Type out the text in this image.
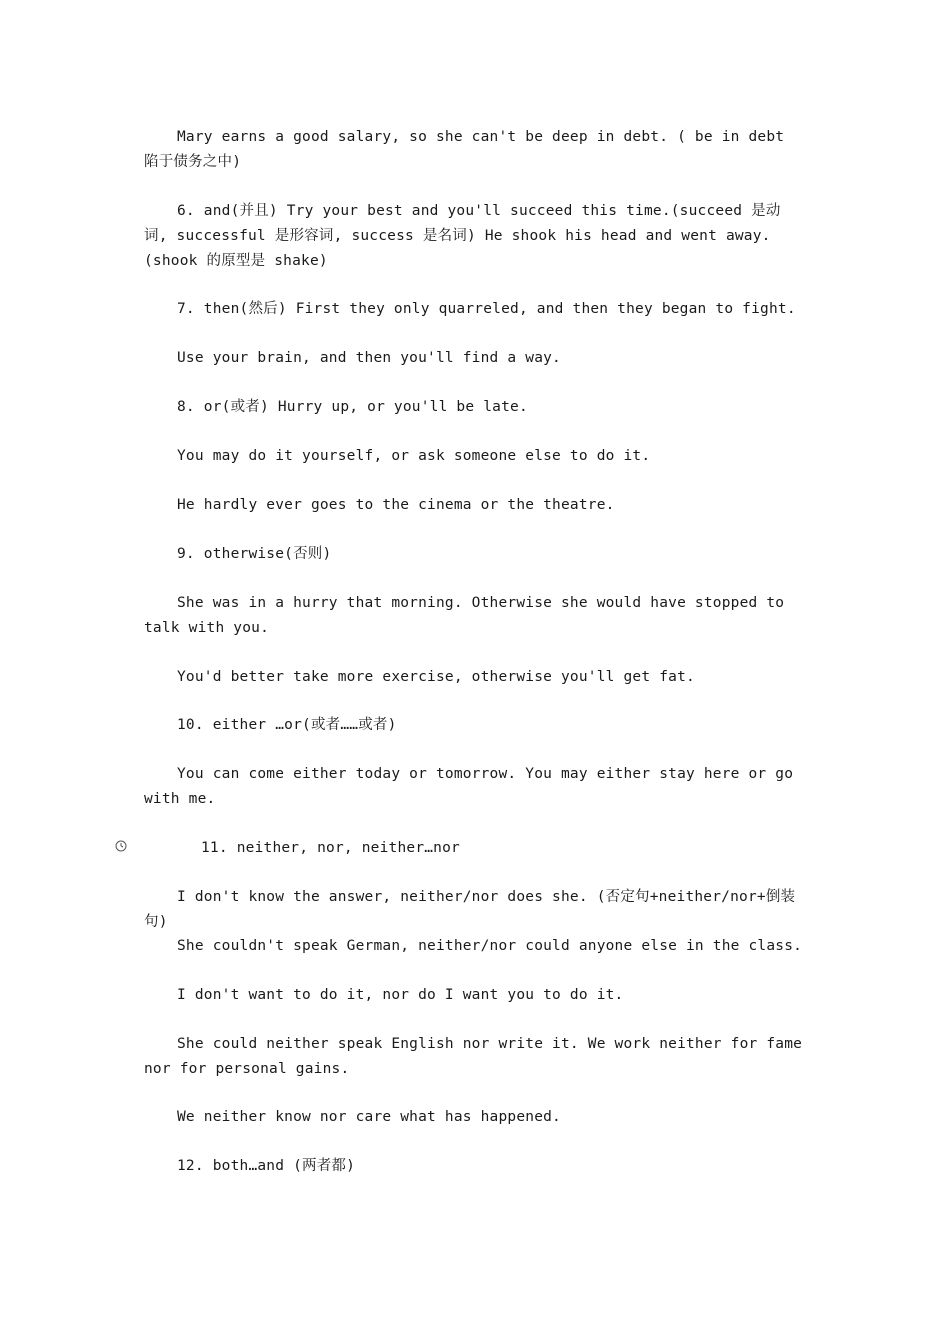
Mary earns a good salary, so she can't be deep in debt. ( be in debt 陷于债务之中)
6. and(并且) Try your best and you'll succeed this time.(succeed 是动词, successful 是形容词, success 是名词) He shook his head and went away.(shook 的原型是 shake)
7. then(然后) First they only quarreled, and then they began to fight.
Use your brain, and then you'll find a way.
8. or(或者) Hurry up, or you'll be late.
You may do it yourself, or ask someone else to do it.
He hardly ever goes to the cinema or the theatre.
9. otherwise(否则)
She was in a hurry that morning. Otherwise she would have stopped to talk with you.
You'd better take more exercise, otherwise you'll get fat.
10. either …or(或者……或者)
You can come either today or tomorrow. You may either stay here or go with me.
11. neither, nor, neither…nor
I don't know the answer, neither/nor does she. (否定句+neither/nor+倒装句)
She couldn't speak German, neither/nor could anyone else in the class.
I don't want to do it, nor do I want you to do it.
She could neither speak English nor write it. We work neither for fame nor for personal gains.
We neither know nor care what has happened.
12. both…and (两者都)
